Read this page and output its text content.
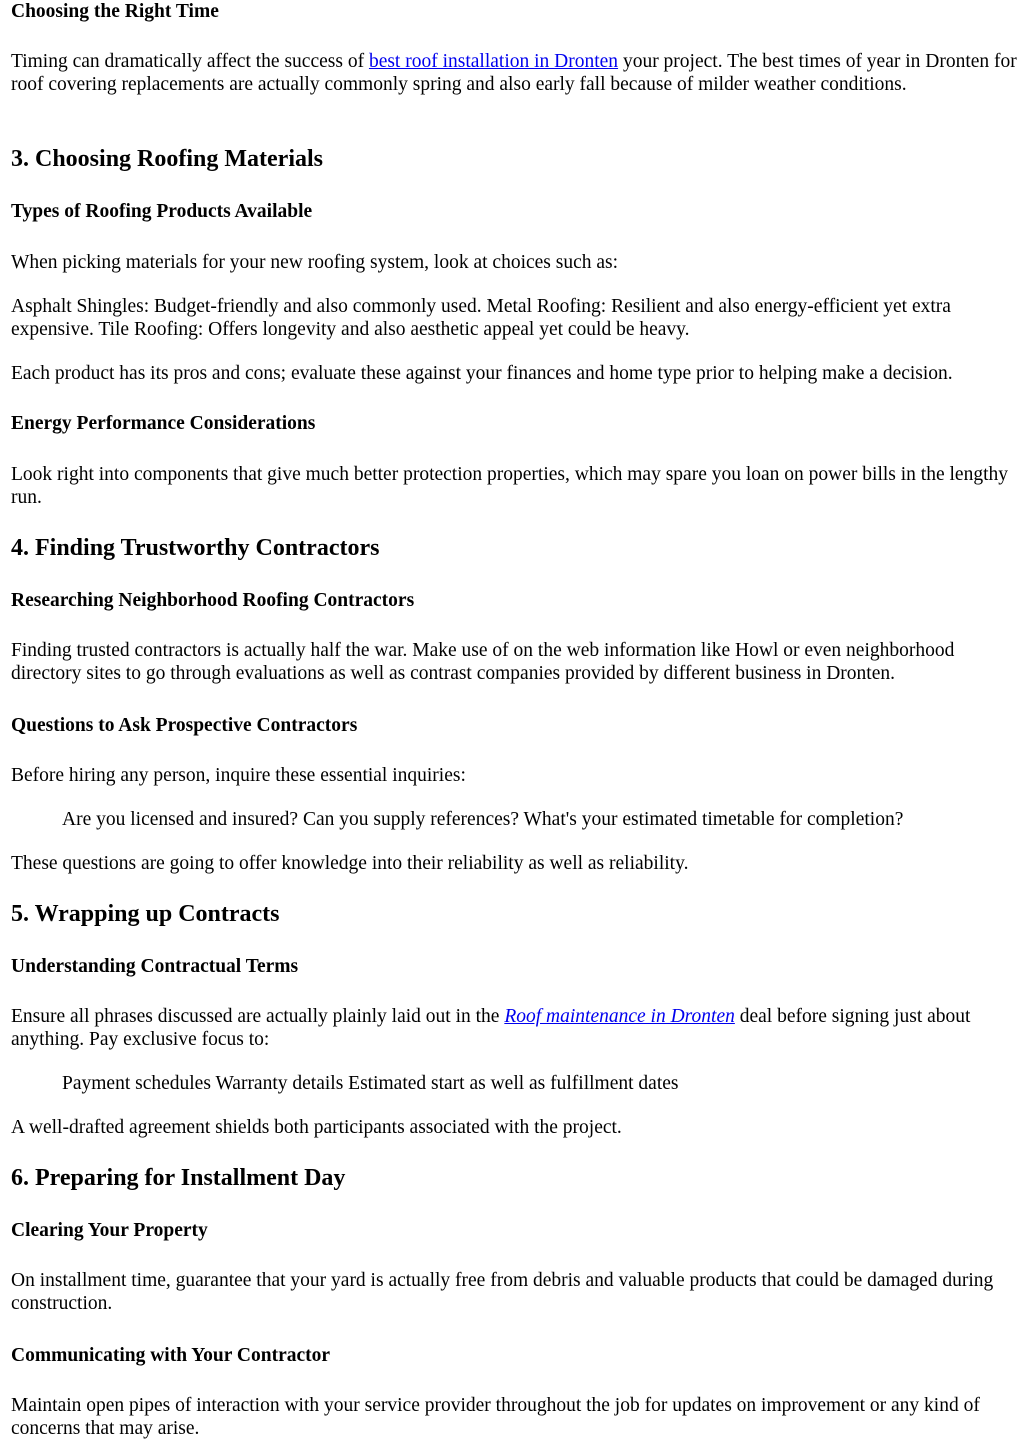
Choosing the Right Time

Timing can dramatically affect the success of best roof installation in Dronten your project. The best times of year in Dronten for roof covering replacements are actually commonly spring and also early fall because of milder weather conditions.

3. Choosing Roofing Materials
Types of Roofing Products Available

When picking materials for your new roofing system, look at choices such as:

Asphalt Shingles: Budget-friendly and also commonly used. Metal Roofing: Resilient and also energy-efficient yet extra expensive. Tile Roofing: Offers longevity and also aesthetic appeal yet could be heavy.

Each product has its pros and cons; evaluate these against your finances and home type prior to helping make a decision.

Energy Performance Considerations

Look right into components that give much better protection properties, which may spare you loan on power bills in the lengthy run.

4. Finding Trustworthy Contractors
Researching Neighborhood Roofing Contractors

Finding trusted contractors is actually half the war. Make use of on the web information like Howl or even neighborhood directory sites to go through evaluations as well as contrast companies provided by different business in Dronten.

Questions to Ask Prospective Contractors

Before hiring any person, inquire these essential inquiries:

Are you licensed and insured? Can you supply references? What's your estimated timetable for completion?

These questions are going to offer knowledge into their reliability as well as reliability.

5. Wrapping up Contracts
Understanding Contractual Terms

Ensure all phrases discussed are actually plainly laid out in the Roof maintenance in Dronten deal before signing just about anything. Pay exclusive focus to:

Payment schedules Warranty details Estimated start as well as fulfillment dates

A well-drafted agreement shields both participants associated with the project.

6. Preparing for Installment Day
Clearing Your Property

On installment time, guarantee that your yard is actually free from debris and valuable products that could be damaged during construction.

Communicating with Your Contractor

Maintain open pipes of interaction with your service provider throughout the job for updates on improvement or any kind of concerns that may arise.
